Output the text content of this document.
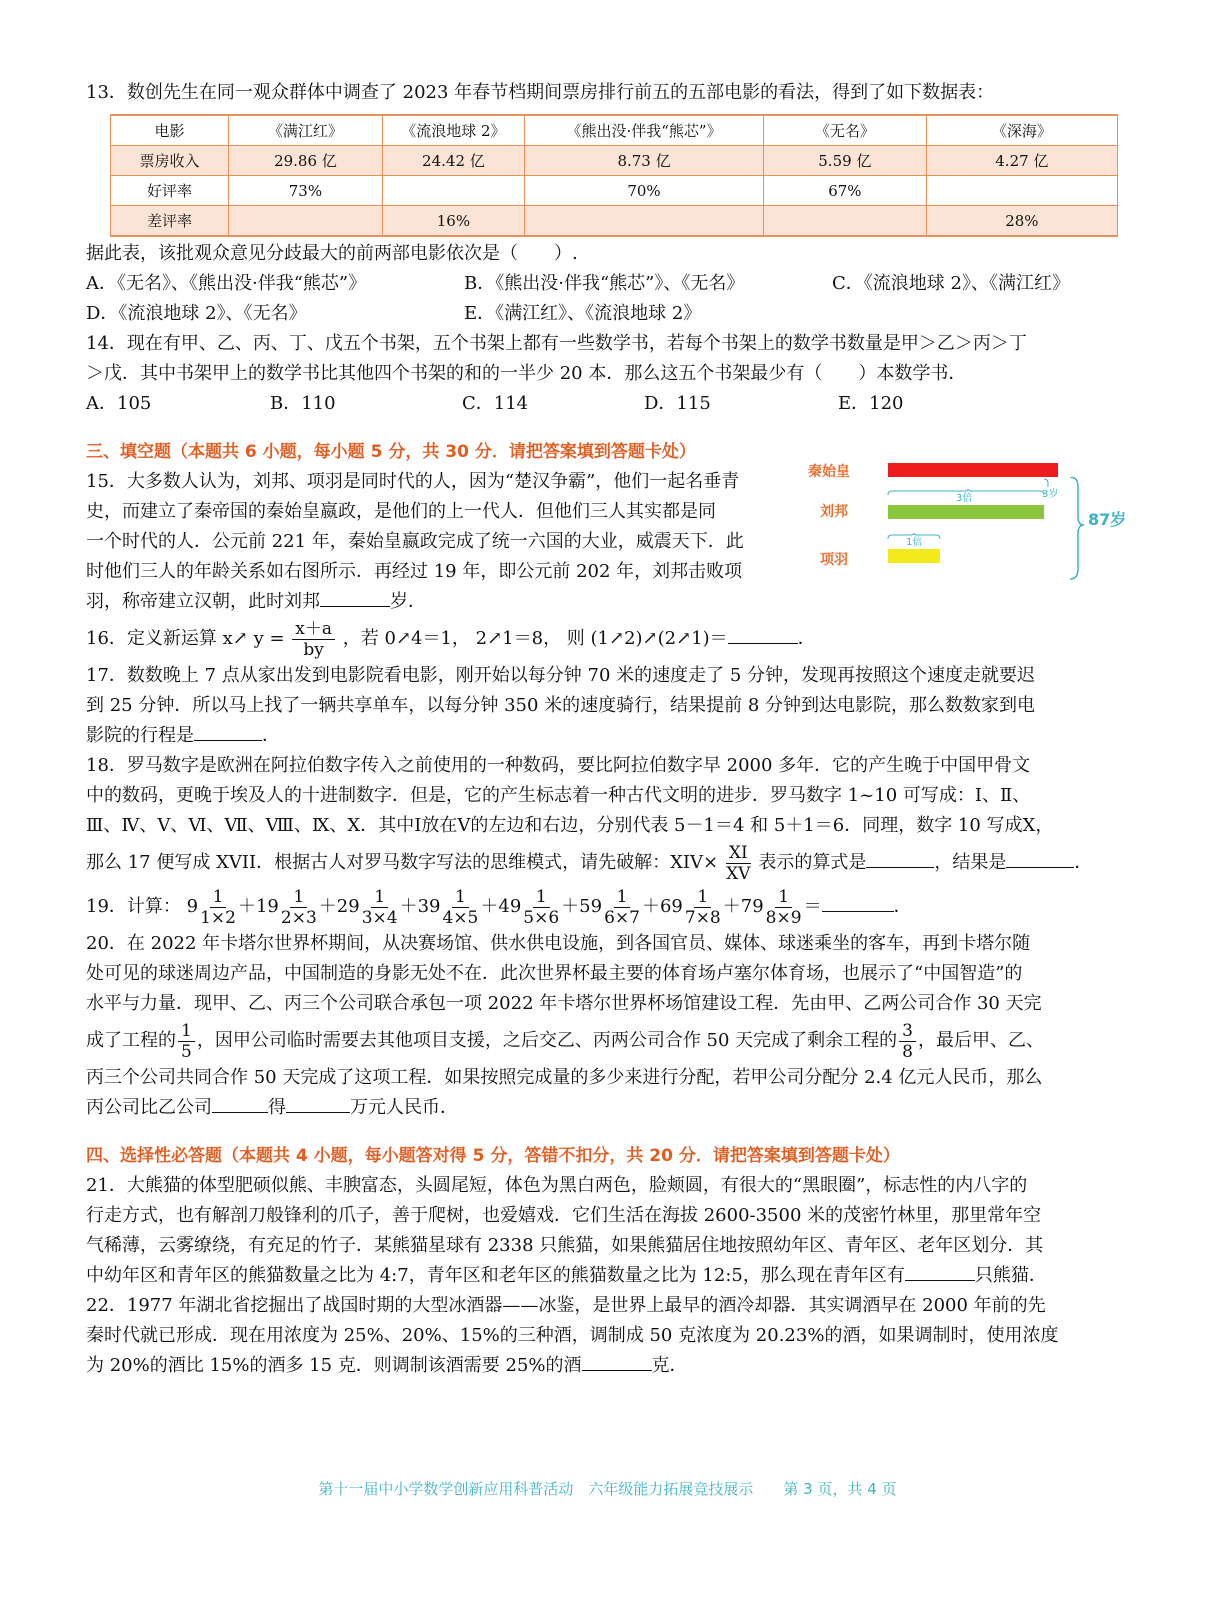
13．数创先生在同一观众群体中调查了 2023 年春节档期间票房排行前五的五部电影的看法，得到了如下数据表：
电影	《满江红》	《流浪地球 2》	《熊出没·伴我“熊芯”》	《无名》	《深海》
票房收入	29.86 亿	24.42 亿	8.73 亿	5.59 亿	4.27 亿
好评率	73%		70%	67%	
差评率		16%			28%
据此表，该批观众意见分歧最大的前两部电影依次是（　　）.
A．《无名》、《熊出没·伴我“熊芯”》	B．《熊出没·伴我“熊芯”》、《无名》	C．《流浪地球 2》、《满江红》
D．《流浪地球 2》、《无名》	E．《满江红》、《流浪地球 2》
14．现在有甲、乙、丙、丁、戊五个书架，五个书架上都有一些数学书，若每个书架上的数学书数量是甲＞乙＞丙＞丁
＞戊．其中书架甲上的数学书比其他四个书架的和的一半少 20 本．那么这五个书架最少有（　　）本数学书．
A．105	B．110	C．114	D．115	E．120
三、填空题（本题共 6 小题，每小题 5 分，共 30 分．请把答案填到答题卡处）
15．大多数人认为，刘邦、项羽是同时代的人，因为“楚汉争霸”，他们一起名垂青
史，而建立了秦帝国的秦始皇嬴政，是他们的上一代人．但他们三人其实都是同
一个时代的人．公元前 221 年，秦始皇嬴政完成了统一六国的大业，威震天下．此
时他们三人的年龄关系如右图所示．再经过 19 年，即公元前 202 年，刘邦击败项
羽，称帝建立汉朝，此时刘邦	岁．
秦始皇
刘邦
项羽
3倍	3岁
1倍
87岁
16．定义新运算 x↗ $y = \frac{x+a}{by}$ ，若 0↗4＝1， 2↗1＝8， 则 (1↗2)↗(2↗1)＝	．
17．数数晚上 7 点从家出发到电影院看电影，刚开始以每分钟 70 米的速度走了 5 分钟，发现再按照这个速度走就要迟
到 25 分钟．所以马上找了一辆共享单车，以每分钟 350 米的速度骑行，结果提前 8 分钟到达电影院，那么数数家到电
影院的行程是	．
18．罗马数字是欧洲在阿拉伯数字传入之前使用的一种数码，要比阿拉伯数字早 2000 多年．它的产生晚于中国甲骨文
中的数码，更晚于埃及人的十进制数字．但是，它的产生标志着一种古代文明的进步．罗马数字 1~10 可写成：Ⅰ、Ⅱ、
Ⅲ、Ⅳ、Ⅴ、Ⅵ、Ⅶ、Ⅷ、Ⅸ、Ⅹ．其中Ⅰ放在Ⅴ的左边和右边，分别代表 5－1＝4 和 5＋1＝6．同理，数字 10 写成Ⅹ，
那么 17 便写成 XVII．根据古人对罗马数字写法的思维模式，请先破解：$XIV\times \frac{XI}{XV}$ 表示的算式是	，结果是	．
19．计算： $9 \frac{1}{1\times 2} +19 \frac{1}{2\times 3} +29 \frac{1}{3\times 4} +39 \frac{1}{4\times 5} +49 \frac{1}{5\times 6} +59 \frac{1}{6\times 7} +69 \frac{1}{7\times 8} +79 \frac{1}{8\times 9}$ ＝	．
20．在 2022 年卡塔尔世界杯期间，从决赛场馆、供水供电设施，到各国官员、媒体、球迷乘坐的客车，再到卡塔尔随
处可见的球迷周边产品，中国制造的身影无处不在．此次世界杯最主要的体育场卢塞尔体育场，也展示了“中国智造”的
水平与力量．现甲、乙、丙三个公司联合承包一项 2022 年卡塔尔世界杯场馆建设工程．先由甲、乙两公司合作 30 天完
成了工程的 $\frac{1}{5}$ ，因甲公司临时需要去其他项目支援，之后交乙、丙两公司合作 50 天完成了剩余工程的 $\frac{3}{8}$ ，最后甲、乙、
丙三个公司共同合作 50 天完成了这项工程．如果按照完成量的多少来进行分配，若甲公司分配分 2.4 亿元人民币，那么
丙公司比乙公司	得	万元人民币．
四、选择性必答题（本题共 4 小题，每小题答对得 5 分，答错不扣分，共 20 分．请把答案填到答题卡处）
21．大熊猫的体型肥硕似熊、丰腴富态，头圆尾短，体色为黑白两色，脸颊圆，有很大的“黑眼圈”，标志性的内八字的
行走方式，也有解剖刀般锋利的爪子，善于爬树，也爱嬉戏．它们生活在海拔 2600-3500 米的茂密竹林里，那里常年空
气稀薄，云雾缭绕，有充足的竹子．某熊猫星球有 2338 只熊猫，如果熊猫居住地按照幼年区、青年区、老年区划分．其
中幼年区和青年区的熊猫数量之比为 4:7，青年区和老年区的熊猫数量之比为 12:5，那么现在青年区有	只熊猫．
22．1977 年湖北省挖掘出了战国时期的大型冰酒器——冰鉴，是世界上最早的酒冷却器．其实调酒早在 2000 年前的先
秦时代就已形成．现在用浓度为 25%、20%、15%的三种酒，调制成 50 克浓度为 20.23%的酒，如果调制时，使用浓度
为 20%的酒比 15%的酒多 15 克．则调制该酒需要 25%的酒	克．
第十一届中小学数学创新应用科普活动　六年级能力拓展竞技展示　　第 3 页，共 4 页
